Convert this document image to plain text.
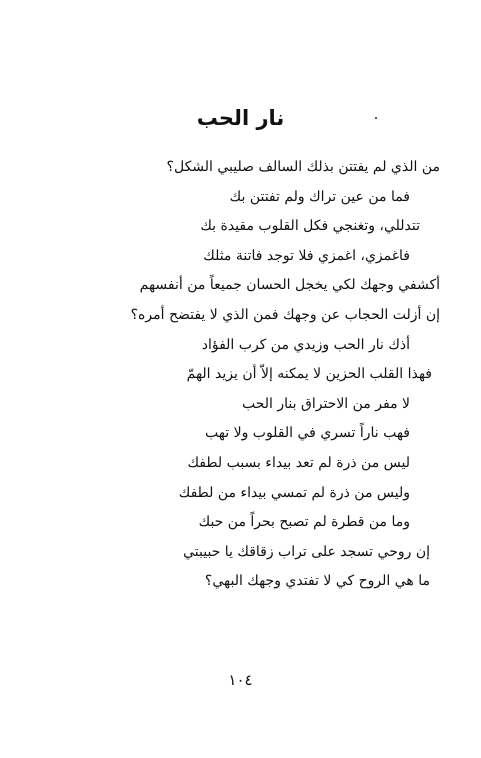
نار الحب
من الذي لم يفتتن بذلك السالف صليبي الشكل؟
فما من عين تراك ولم تفتتن بك
تتدللي، وتغنجي فكل القلوب مقيدة بك
فاغمزي، اغمزي فلا توجد فاتنة مثلك
أكشفي وجهك لكي يخجل الحسان جميعاً من أنفسهم
إن أزلت الحجاب عن وجهك فمن الذي لا يفتضح أمره؟
أذك نار الحب وزيدي من كرب الفؤاد
فهذا القلب الحزين لا يمكنه إلاّ أن يزيد الهمّ
لا مفر من الاحتراق بنار الحب
فهب ناراً تسري في القلوب ولا تهب
ليس من ذرة لم تعد بيداء بسبب لطفك
وليس من ذرة لم تمسي بيداء من لطفك
وما من قطرة لم تصبح بحراً من حبك
إن روحي تسجد على تراب زقاقك يا حبيبتي
ما هي الروح كي لا تفتدي وجهك البهي؟
١٠٤
